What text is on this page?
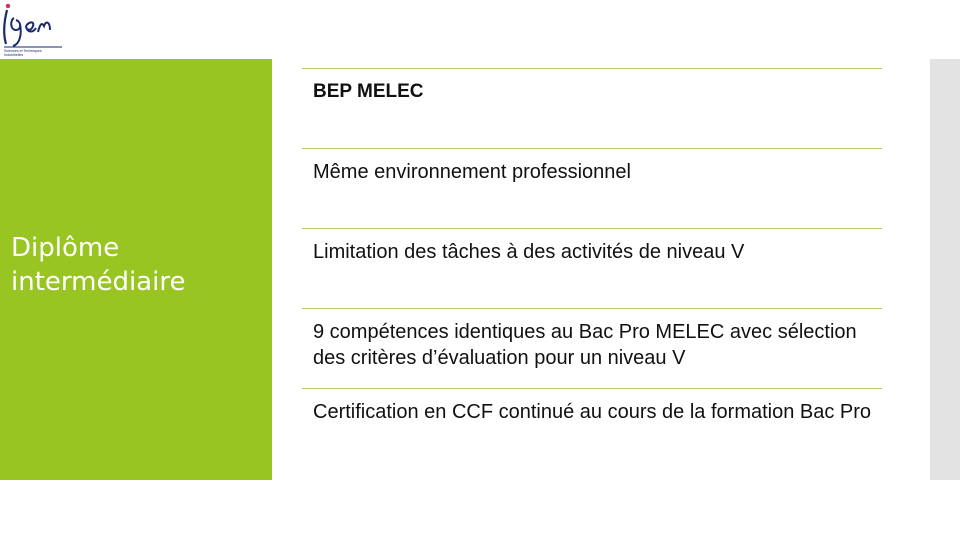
Sciences et Techniques
Industrielles
Diplôme
intermédiaire
BEP MELEC
Même environnement professionnel
Limitation des tâches à des activités de niveau V
9 compétences identiques au Bac Pro MELEC avec sélection des critères d’évaluation pour un niveau V
Certification en CCF continué au cours de la formation Bac Pro
